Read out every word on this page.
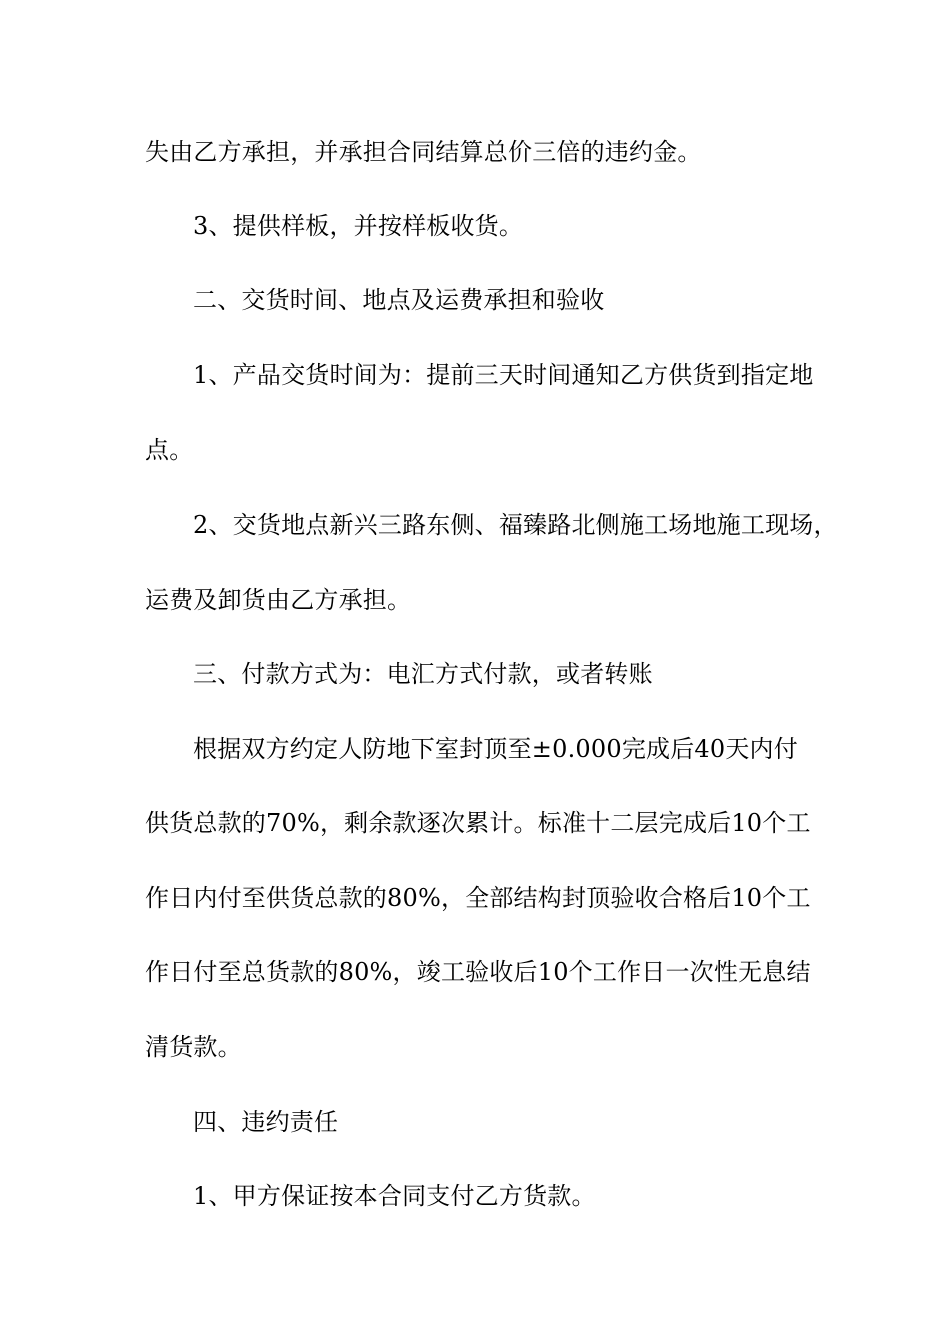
失由乙方承担，并承担合同结算总价三倍的违约金。

3、提供样板，并按样板收货。

二、交货时间、地点及运费承担和验收

1、产品交货时间为：提前三天时间通知乙方供货到指定地

点。

2、交货地点新兴三路东侧、福臻路北侧施工场地施工现场，

运费及卸货由乙方承担。

三、付款方式为：电汇方式付款，或者转账

根据双方约定人防地下室封顶至±0.000完成后40天内付

供货总款的70%，剩余款逐次累计。标准十二层完成后10个工

作日内付至供货总款的80%，全部结构封顶验收合格后10个工

作日付至总货款的80%，竣工验收后10个工作日一次性无息结

清货款。

四、违约责任

1、甲方保证按本合同支付乙方货款。
